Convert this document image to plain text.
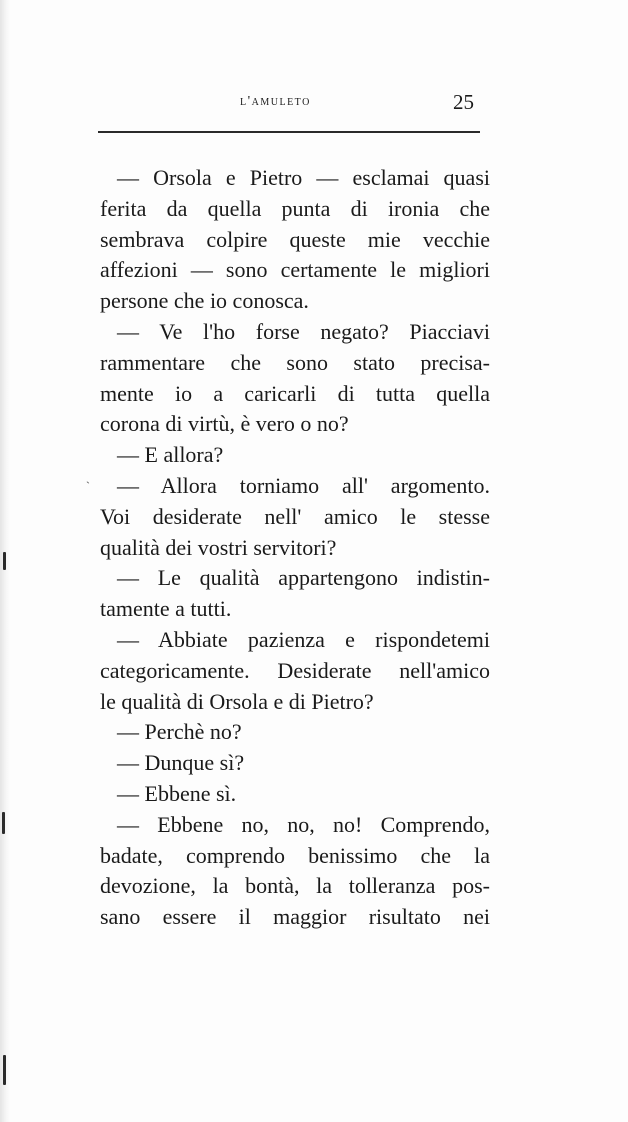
l'amuleto	25
`
— Orsola e Pietro — esclamai quasi
ferita da quella punta di ironia che
sembrava colpire queste mie vecchie
affezioni — sono certamente le migliori
persone che io conosca.
— Ve l'ho forse negato? Piacciavi
rammentare che sono stato precisa-
mente io a caricarli di tutta quella
corona di virtù, è vero o no?
— E allora?
— Allora torniamo all' argomento.
Voi desiderate nell' amico le stesse
qualità dei vostri servitori?
— Le qualità appartengono indistin-
tamente a tutti.
— Abbiate pazienza e rispondetemi
categoricamente. Desiderate nell'amico
le qualità di Orsola e di Pietro?
— Perchè no?
— Dunque sì?
— Ebbene sì.
— Ebbene no, no, no! Comprendo,
badate, comprendo benissimo che la
devozione, la bontà, la tolleranza pos-
sano essere il maggior risultato nei
